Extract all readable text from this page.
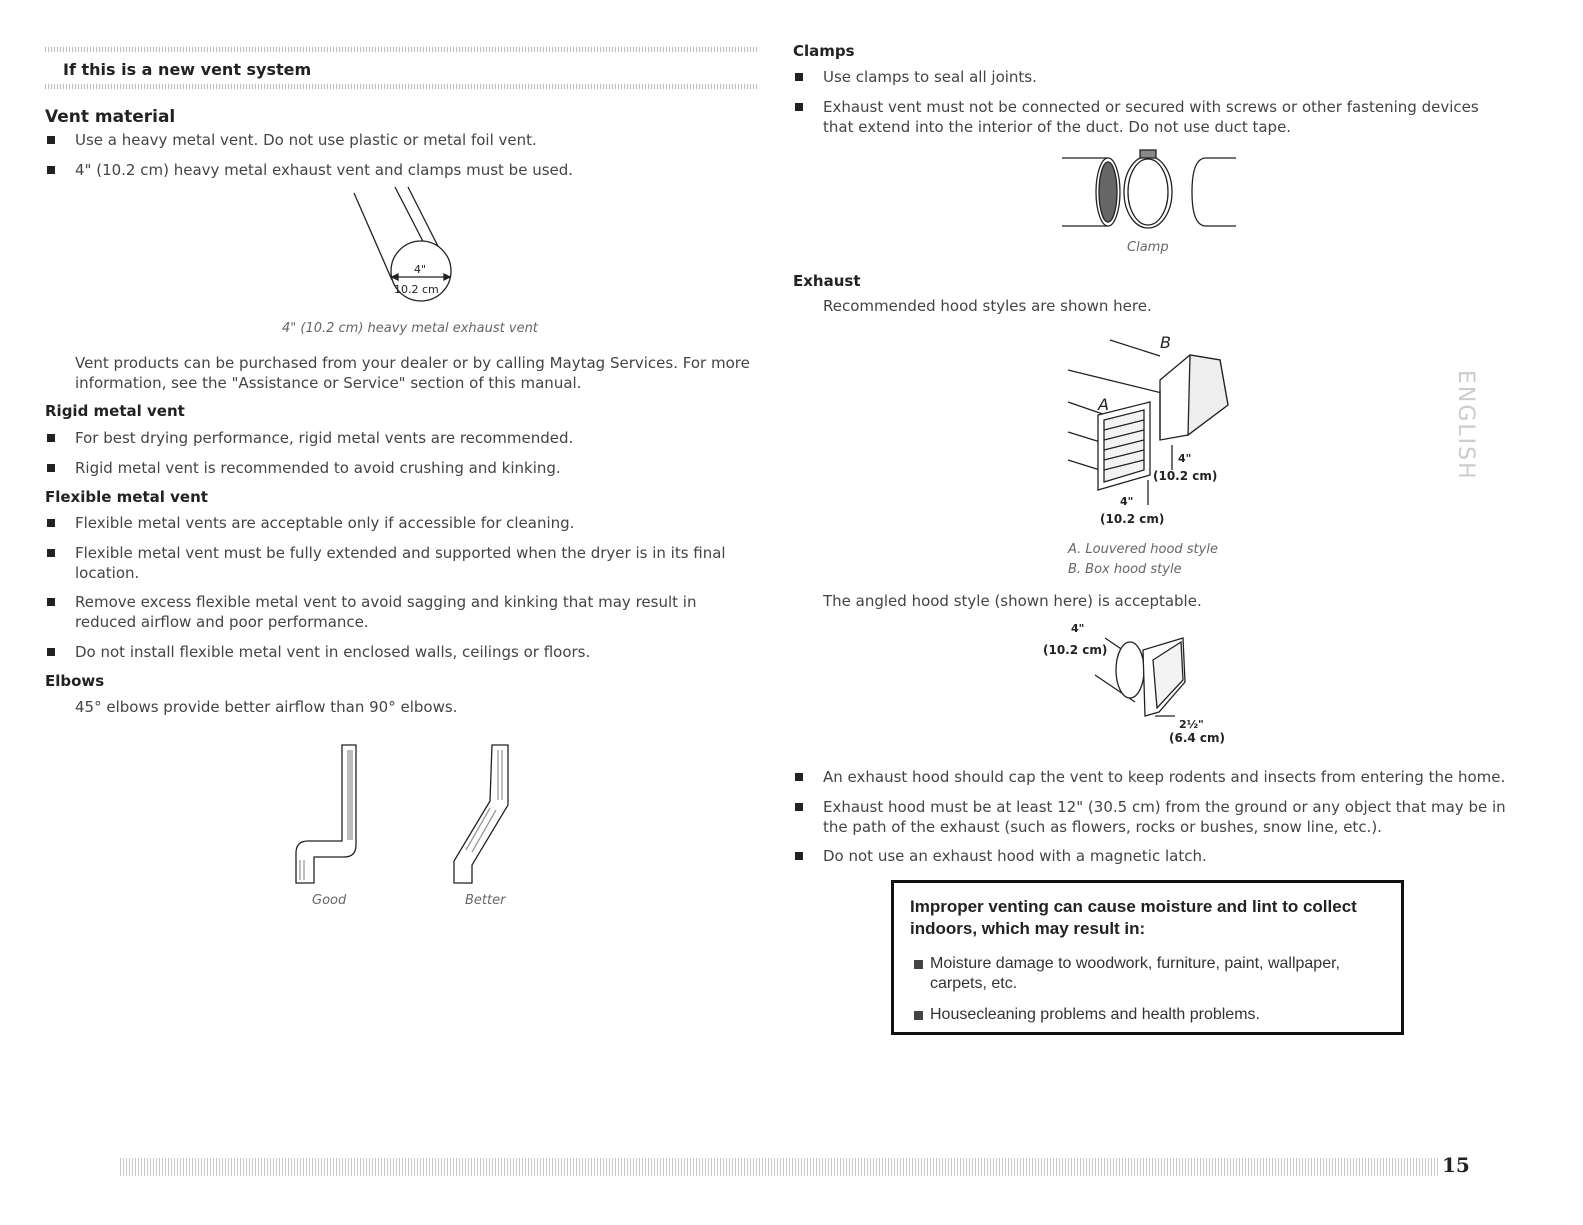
If this is a new vent system
Vent material
Use a heavy metal vent. Do not use plastic or metal foil vent.
4" (10.2 cm) heavy metal exhaust vent and clamps must be used.
4"
10.2 cm
4" (10.2 cm) heavy metal exhaust vent
Vent products can be purchased from your dealer or by calling Maytag Services. For more information, see the "Assistance or Service" section of this manual.
Rigid metal vent
For best drying performance, rigid metal vents are recommended.
Rigid metal vent is recommended to avoid crushing and kinking.
Flexible metal vent
Flexible metal vents are acceptable only if accessible for cleaning.
Flexible metal vent must be fully extended and supported when the dryer is in its final location.
Remove excess flexible metal vent to avoid sagging and kinking that may result in reduced airflow and poor performance.
Do not install flexible metal vent in enclosed walls, ceilings or floors.
Elbows
45° elbows provide better airflow than 90° elbows.
Good	Better
Clamps
Use clamps to seal all joints.
Exhaust vent must not be connected or secured with screws or other fastening devices that extend into the interior of the duct. Do not use duct tape.
Clamp
Exhaust
Recommended hood styles are shown here.
B
A
4"
(10.2 cm)
4"
(10.2 cm)
A. Louvered hood style
B. Box hood style
The angled hood style (shown here) is acceptable.
4"
(10.2 cm)
2½"
(6.4 cm)
An exhaust hood should cap the vent to keep rodents and insects from entering the home.
Exhaust hood must be at least 12" (30.5 cm) from the ground or any object that may be in the path of the exhaust (such as flowers, rocks or bushes, snow line, etc.).
Do not use an exhaust hood with a magnetic latch.
Improper venting can cause moisture and lint to collect indoors, which may result in:
Moisture damage to woodwork, furniture, paint, wallpaper, carpets, etc.
Housecleaning problems and health problems.
ENGLISH
15
